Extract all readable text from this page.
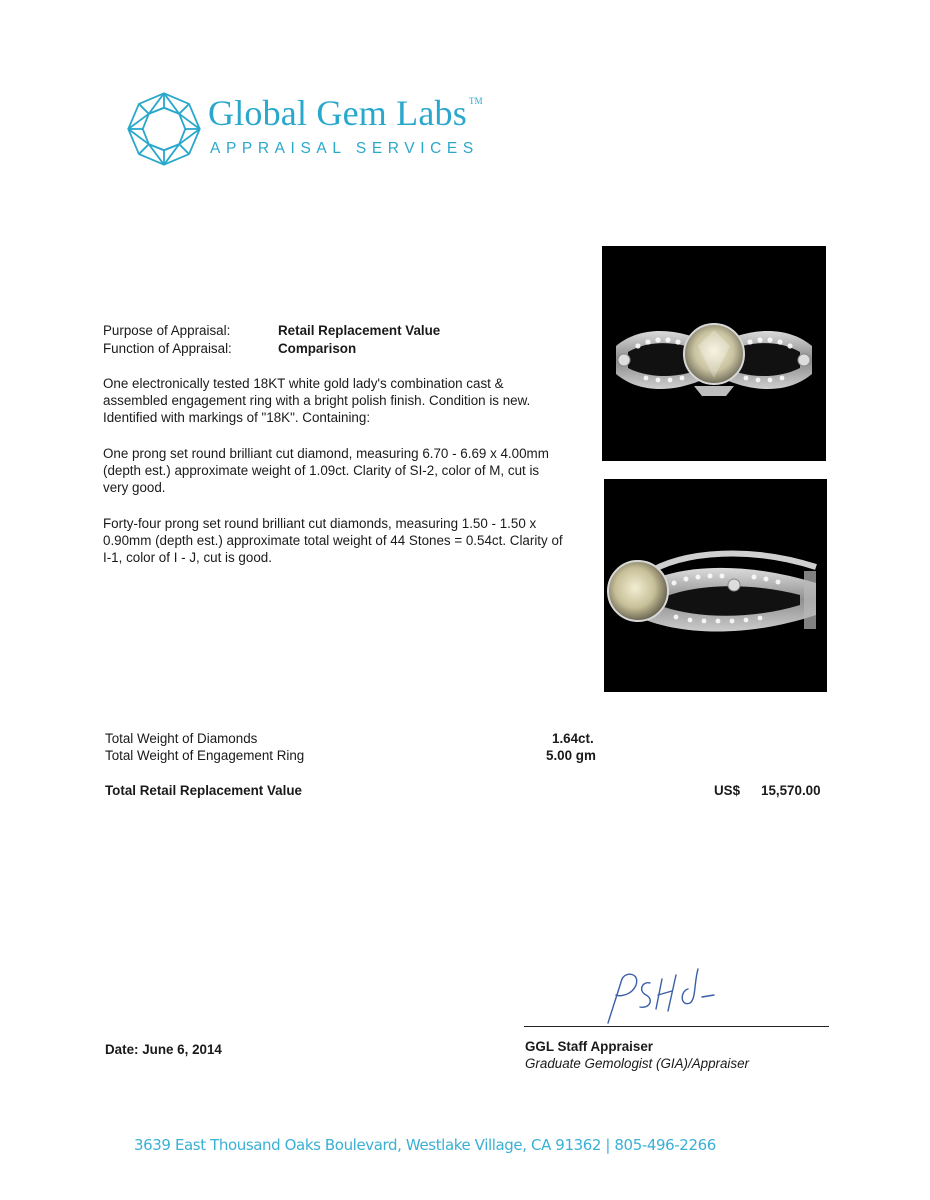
Global Gem Labs ™
APPRAISAL SERVICES
Purpose of Appraisal:	Retail Replacement Value
Function of Appraisal:	Comparison

One electronically tested 18KT white gold lady's combination cast & assembled engagement ring with a bright polish finish. Condition is new. Identified with markings of "18K". Containing:

One prong set round brilliant cut diamond, measuring 6.70 - 6.69 x 4.00mm (depth est.) approximate weight of 1.09ct. Clarity of SI-2, color of M, cut is very good.

Forty-four prong set round brilliant cut diamonds, measuring 1.50 - 1.50 x 0.90mm (depth est.) approximate total weight of 44 Stones = 0.54ct. Clarity of I-1, color of I - J, cut is good.

Total Weight of Diamonds	1.64ct.
Total Weight of Engagement Ring	5.00 gm
Total Retail Replacement Value	US$ 15,570.00
Date: June 6, 2014	GGL Staff Appraiser
Graduate Gemologist (GIA)/Appraiser
3639 East Thousand Oaks Boulevard, Westlake Village, CA 91362 | 805-496-2266
